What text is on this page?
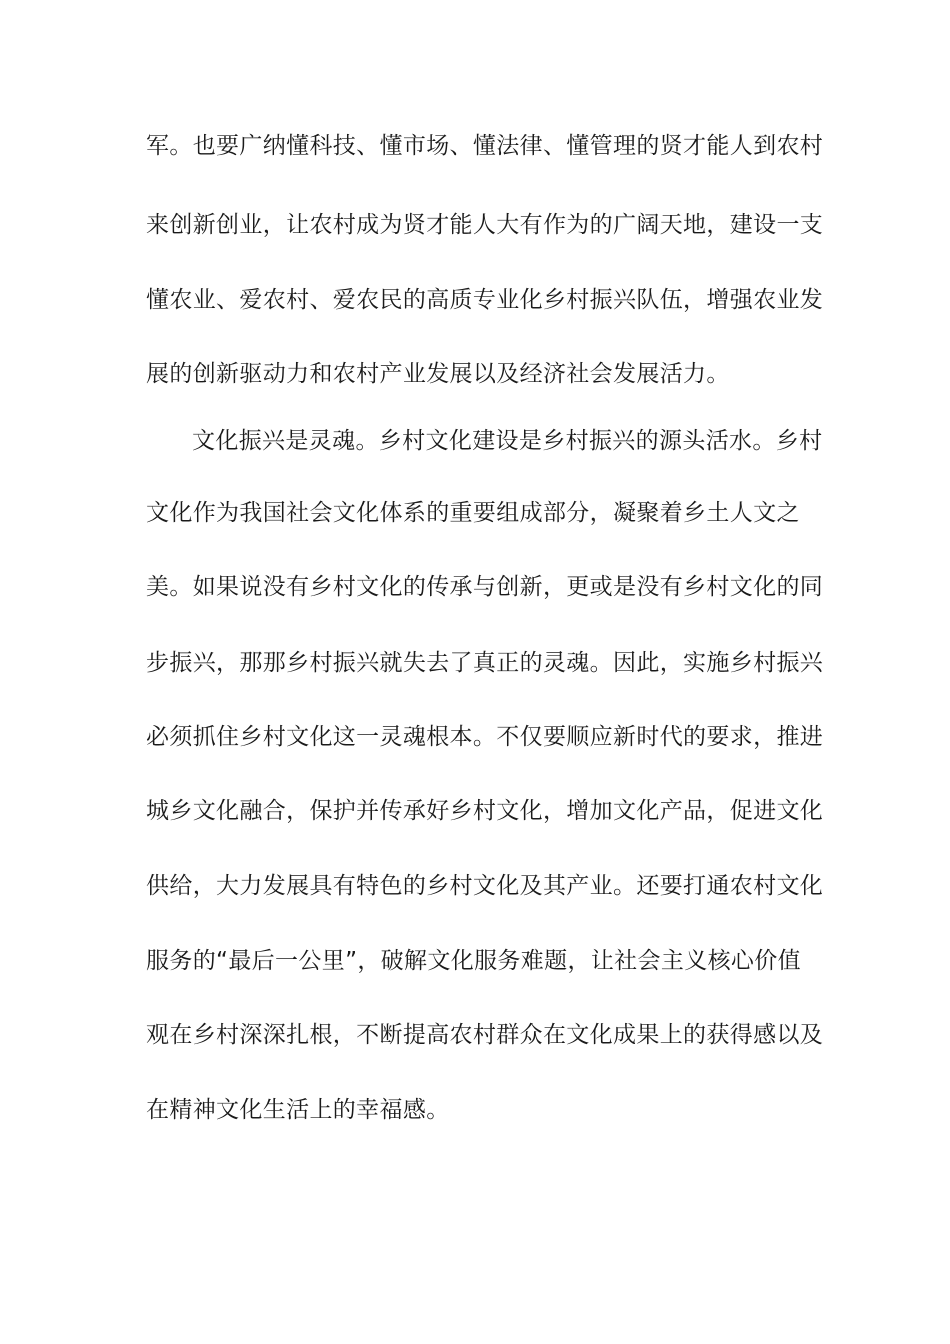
军。也要广纳懂科技、懂市场、懂法律、懂管理的贤才能人到农村
来创新创业，让农村成为贤才能人大有作为的广阔天地，建设一支
懂农业、爱农村、爱农民的高质专业化乡村振兴队伍，增强农业发
展的创新驱动力和农村产业发展以及经济社会发展活力。
文化振兴是灵魂。乡村文化建设是乡村振兴的源头活水。乡村
文化作为我国社会文化体系的重要组成部分，凝聚着乡土人文之
美。如果说没有乡村文化的传承与创新，更或是没有乡村文化的同
步振兴，那那乡村振兴就失去了真正的灵魂。因此，实施乡村振兴
必须抓住乡村文化这一灵魂根本。不仅要顺应新时代的要求，推进
城乡文化融合，保护并传承好乡村文化，增加文化产品，促进文化
供给，大力发展具有特色的乡村文化及其产业。还要打通农村文化
服务的“最后一公里”，破解文化服务难题，让社会主义核心价值
观在乡村深深扎根，不断提高农村群众在文化成果上的获得感以及
在精神文化生活上的幸福感。
